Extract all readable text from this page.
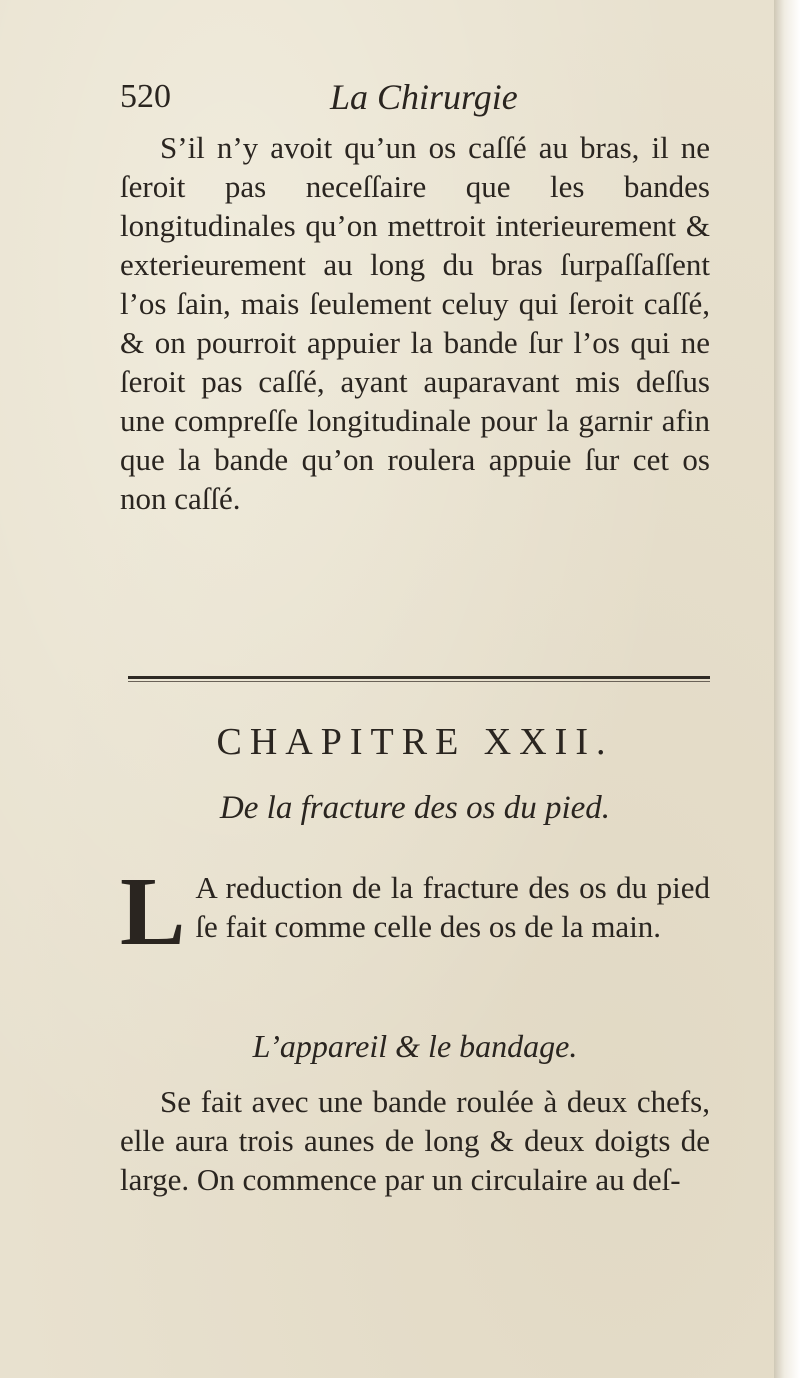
520	La Chirurgie

S’il n’y avoit qu’un os caſſé au bras, il ne ſeroit pas neceſſaire que les bandes longitudinales qu’on mettroit interieurement & exterieurement au long du bras ſurpaſſaſſent l’os ſain, mais ſeulement celuy qui ſeroit caſſé, & on pourroit appuier la bande ſur l’os qui ne ſeroit pas caſſé, ayant auparavant mis deſſus une compreſſe longitudinale pour la garnir afin que la bande qu’on roulera appuie ſur cet os non caſſé.

CHAPITRE XXII.
De la fracture des os du pied.

L A reduction de la fracture des os du pied ſe fait comme celle des os de la main.

L’appareil & le bandage.

Se fait avec une bande roulée à deux chefs, elle aura trois aunes de long & deux doigts de large. On commence par un circulaire au deſ-
